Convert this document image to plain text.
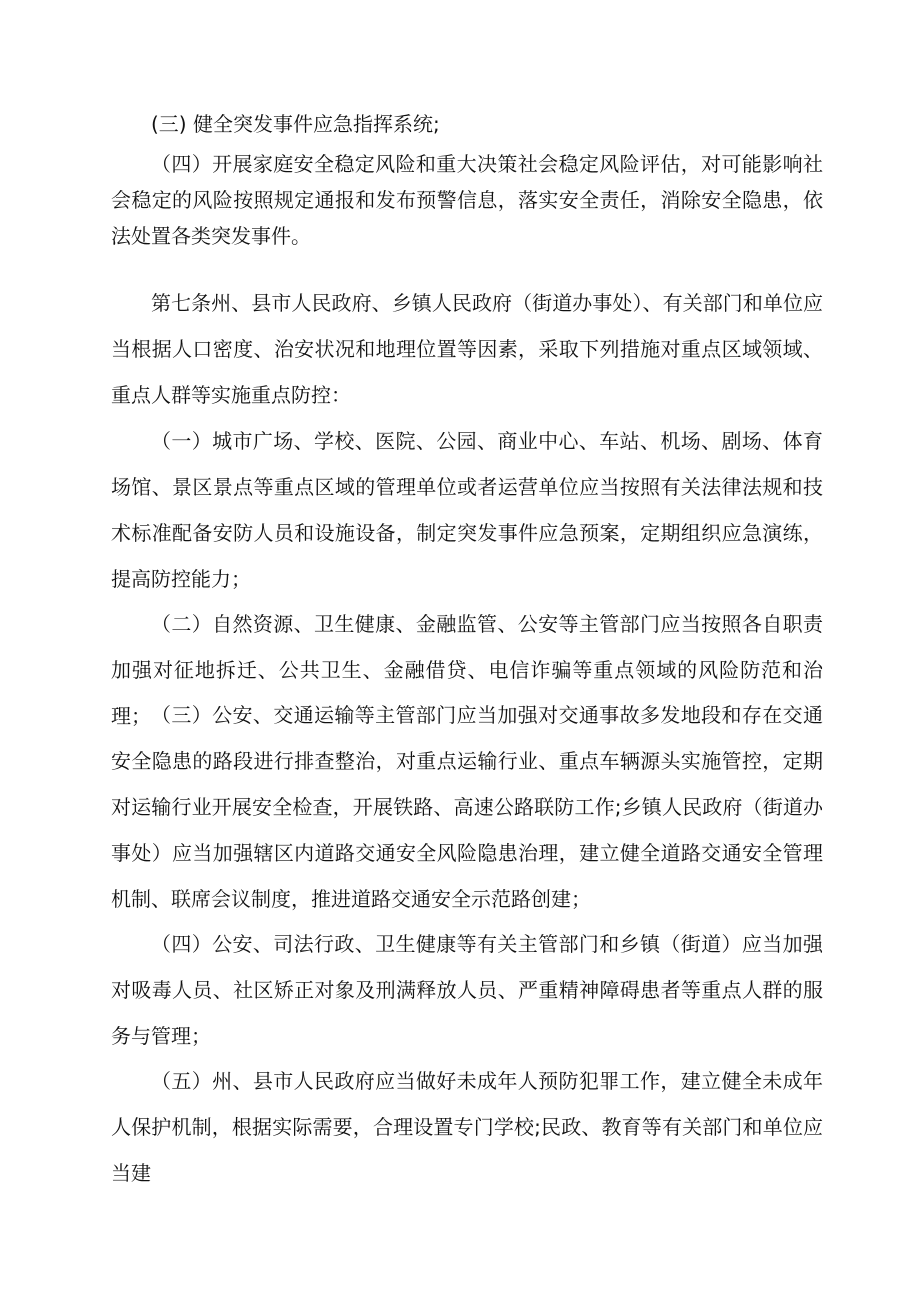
(三) 健全突发事件应急指挥系统;

（四）开展家庭安全稳定风险和重大决策社会稳定风险评估，对可能影响社会稳定的风险按照规定通报和发布预警信息，落实安全责任，消除安全隐患，依法处置各类突发事件。

第七条州、县市人民政府、乡镇人民政府（街道办事处）、有关部门和单位应当根据人口密度、治安状况和地理位置等因素，采取下列措施对重点区域领域、重点人群等实施重点防控：

（一）城市广场、学校、医院、公园、商业中心、车站、机场、剧场、体育场馆、景区景点等重点区域的管理单位或者运营单位应当按照有关法律法规和技术标准配备安防人员和设施设备，制定突发事件应急预案，定期组织应急演练，提高防控能力；

（二）自然资源、卫生健康、金融监管、公安等主管部门应当按照各自职责加强对征地拆迁、公共卫生、金融借贷、电信诈骗等重点领域的风险防范和治理； （三）公安、交通运输等主管部门应当加强对交通事故多发地段和存在交通安全隐患的路段进行排查整治，对重点运输行业、重点车辆源头实施管控，定期对运输行业开展安全检查，开展铁路、高速公路联防工作;乡镇人民政府（街道办事处）应当加强辖区内道路交通安全风险隐患治理，建立健全道路交通安全管理机制、联席会议制度，推进道路交通安全示范路创建；

（四）公安、司法行政、卫生健康等有关主管部门和乡镇（街道）应当加强对吸毒人员、社区矫正对象及刑满释放人员、严重精神障碍患者等重点人群的服务与管理；

（五）州、县市人民政府应当做好未成年人预防犯罪工作，建立健全未成年人保护机制，根据实际需要，合理设置专门学校;民政、教育等有关部门和单位应当建
